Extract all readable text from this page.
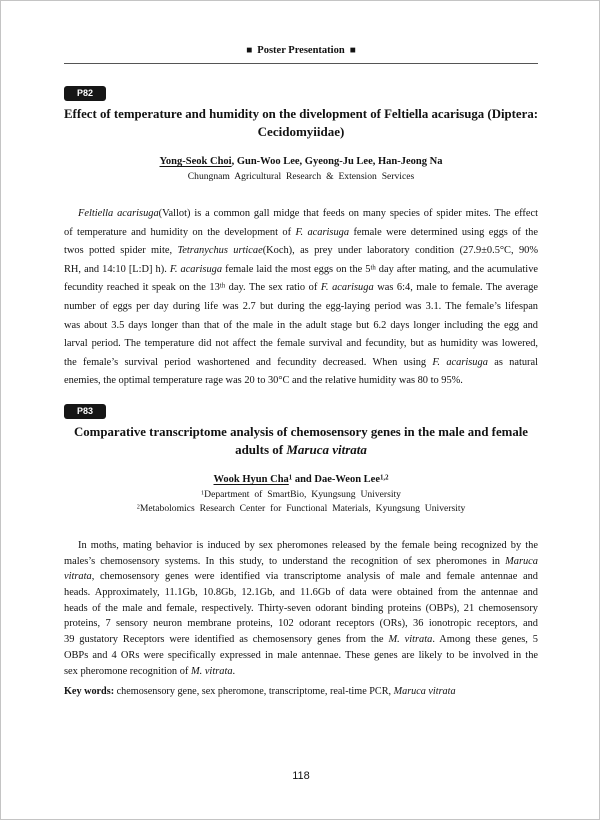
■ Poster Presentation ■
P82
Effect of temperature and humidity on the divelopment of Feltiella acarisuga (Diptera:
Cecidomyiidae)
Yong-Seok Choi, Gun-Woo Lee, Gyeong-Ju Lee, Han-Jeong Na
Chungnam Agricultural Research & Extension Services
Feltiella acarisuga(Vallot) is a common gall midge that feeds on many species of spider mites. The effect
of temperature and humidity on the development of F. acarisuga female were determined using eggs of the
twos potted spider mite, Tetranychus urticae(Koch), as prey under laboratory condition (27.9±0.5°C, 90%
RH, and 14:10 [L:D] h). F. acarisuga female laid the most eggs on the 5th day after mating, and the acumulative
fecundity reached it speak on the 13th day. The sex ratio of F. acarisuga was 6:4, male to female. The average
number of eggs per day during life was 2.7 but during the egg-laying period was 3.1. The female’s lifespan
was about 3.5 days longer than that of the male in the adult stage but 6.2 days longer including the egg and
larval period. The temperature did not affect the female survival and fecundity, but as humidity was lowered,
the female’s survival period washortened and fecundity decreased. When using F. acarisuga as natural
enemies, the optimal temperature rage was 20 to 30°C and the relative humidity was 80 to 95%.
P83
Comparative transcriptome analysis of chemosensory genes in the male and female
adults of Maruca vitrata
Wook Hyun Cha$^1$ and Dae-Weon Lee$^{1,2}$
$^1$Department of SmartBio, Kyungsung University
$^2$Metabolomics Research Center for Functional Materials, Kyungsung University
In moths, mating behavior is induced by sex pheromones released by the female being recognized by the
males’s chemosensory systems. In this study, to understand the recognition of sex pheromones in Maruca
vitrata, chemosensory genes were identified via transcriptome analysis of male and female antennae and
heads. Approximately, 11.1Gb, 10.8Gb, 12.1Gb, and 11.6Gb of data were obtained from the antennae and
heads of the male and female, respectively. Thirty-seven odorant binding proteins (OBPs), 21 chemosensory
proteins, 7 sensory neuron membrane proteins, 102 odorant receptors (ORs), 36 ionotropic receptors, and
39 gustatory Receptors were identified as chemosensory genes from the M. vitrata. Among these genes, 5
OBPs and 4 ORs were specifically expressed in male antennae. These genes are likely to be involved in the
sex pheromone recognition of M. vitrata.
Key words: chemosensory gene, sex pheromone, transcriptome, real-time PCR, Maruca vitrata
118
